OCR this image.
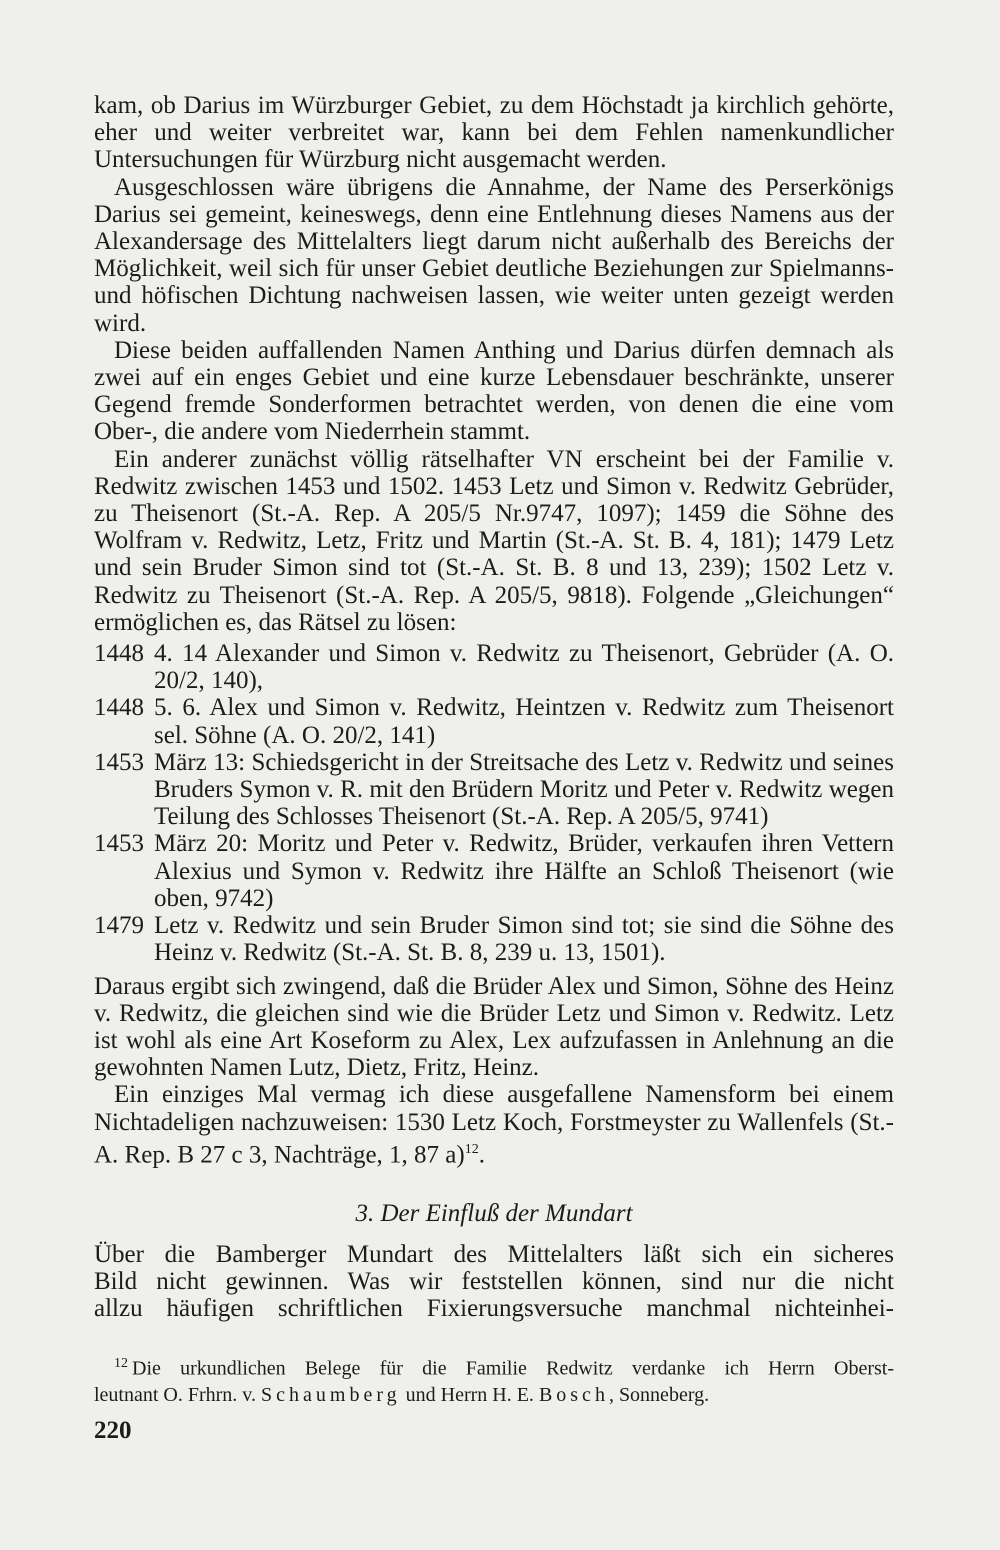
kam, ob Darius im Würzburger Gebiet, zu dem Höchstadt ja kirchlich gehörte, eher und weiter verbreitet war, kann bei dem Fehlen namenkundlicher Untersuchungen für Würzburg nicht ausgemacht werden.

Ausgeschlossen wäre übrigens die Annahme, der Name des Perserkönigs Darius sei gemeint, keineswegs, denn eine Entlehnung dieses Namens aus der Alexandersage des Mittelalters liegt darum nicht außerhalb des Bereichs der Möglichkeit, weil sich für unser Gebiet deutliche Beziehungen zur Spielmanns- und höfischen Dichtung nachweisen lassen, wie weiter unten gezeigt werden wird.

Diese beiden auffallenden Namen Anthing und Darius dürfen demnach als zwei auf ein enges Gebiet und eine kurze Lebensdauer beschränkte, unserer Gegend fremde Sonderformen betrachtet werden, von denen die eine vom Ober-, die andere vom Niederrhein stammt.

Ein anderer zunächst völlig rätselhafter VN erscheint bei der Familie v. Redwitz zwischen 1453 und 1502. 1453 Letz und Simon v. Redwitz Gebrüder, zu Theisenort (St.-A. Rep. A 205/5 Nr.9747, 1097); 1459 die Söhne des Wolfram v. Redwitz, Letz, Fritz und Martin (St.-A. St. B. 4, 181); 1479 Letz und sein Bruder Simon sind tot (St.-A. St. B. 8 und 13, 239); 1502 Letz v. Redwitz zu Theisenort (St.-A. Rep. A 205/5, 9818). Folgende „Gleichungen“ ermöglichen es, das Rätsel zu lösen:

1448 4. 14 Alexander und Simon v. Redwitz zu Theisenort, Gebrüder (A. O. 20/2, 140),
1448 5. 6. Alex und Simon v. Redwitz, Heintzen v. Redwitz zum Theisenort sel. Söhne (A. O. 20/2, 141)
1453 März 13: Schiedsgericht in der Streitsache des Letz v. Redwitz und seines Bruders Symon v. R. mit den Brüdern Moritz und Peter v. Redwitz wegen Teilung des Schlosses Theisenort (St.-A. Rep. A 205/5, 9741)
1453 März 20: Moritz und Peter v. Redwitz, Brüder, verkaufen ihren Vettern Alexius und Symon v. Redwitz ihre Hälfte an Schloß Theisenort (wie oben, 9742)
1479 Letz v. Redwitz und sein Bruder Simon sind tot; sie sind die Söhne des Heinz v. Redwitz (St.-A. St. B. 8, 239 u. 13, 1501).

Daraus ergibt sich zwingend, daß die Brüder Alex und Simon, Söhne des Heinz v. Redwitz, die gleichen sind wie die Brüder Letz und Simon v. Redwitz. Letz ist wohl als eine Art Koseform zu Alex, Lex aufzufassen in Anlehnung an die gewohnten Namen Lutz, Dietz, Fritz, Heinz.

Ein einziges Mal vermag ich diese ausgefallene Namensform bei einem Nichtadeligen nachzuweisen: 1530 Letz Koch, Forstmeyster zu Wallenfels (St.-A. Rep. B 27 c 3, Nachträge, 1, 87 a)$^{12}$.

3. Der Einfluß der Mundart
Über die Bamberger Mundart des Mittelalters läßt sich ein sicheres
Bild nicht gewinnen. Was wir feststellen können, sind nur die nicht
allzu häufigen schriftlichen Fixierungsversuche manchmal nichteinhei-
$^{12}$ Die urkundlichen Belege für die Familie Redwitz verdanke ich Herrn Oberst-
leutnant O. Frhrn. v. Schaumberg und Herrn H. E. Bosch, Sonneberg.
220
